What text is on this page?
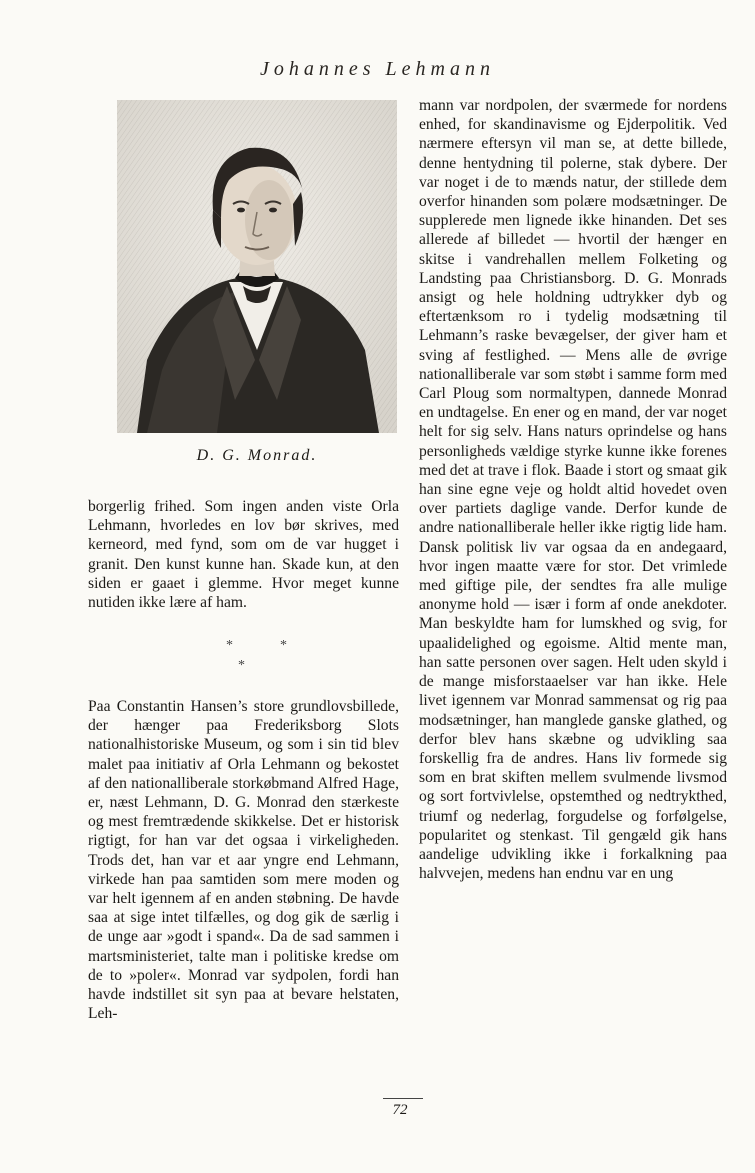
Johannes Lehmann
D. G. Monrad.

borgerlig frihed. Som ingen anden viste Orla Lehmann, hvorledes en lov bør skrives, med kerneord, med fynd, som om de var hugget i granit. Den kunst kunne han. Skade kun, at den siden er gaaet i glemme. Hvor meget kunne nutiden ikke lære af ham.

*	*
*

Paa Constantin Hansen’s store grundlovsbillede, der hænger paa Frederiksborg Slots nationalhistoriske Museum, og som i sin tid blev malet paa initiativ af Orla Lehmann og bekostet af den nationalliberale storkøbmand Alfred Hage, er, næst Lehmann, D. G. Monrad den stærkeste og mest fremtrædende skikkelse. Det er historisk rigtigt, for han var det ogsaa i virkeligheden. Trods det, han var et aar yngre end Lehmann, virkede han paa samtiden som mere moden og var helt igennem af en anden støbning. De havde saa at sige intet tilfælles, og dog gik de særlig i de unge aar »godt i spand«. Da de sad sammen i martsministeriet, talte man i politiske kredse om de to »poler«. Monrad var sydpolen, fordi han havde indstillet sit syn paa at bevare helstaten, Leh-

mann var nordpolen, der sværmede for nordens enhed, for skandinavisme og Ejderpolitik. Ved nærmere eftersyn vil man se, at dette billede, denne hentydning til polerne, stak dybere. Der var noget i de to mænds natur, der stillede dem overfor hinanden som polære modsætninger. De supplerede men lignede ikke hinanden. Det ses allerede af billedet — hvortil der hænger en skitse i vandrehallen mellem Folketing og Landsting paa Christiansborg. D. G. Monrads ansigt og hele holdning udtrykker dyb og eftertænksom ro i tydelig modsætning til Lehmann’s raske bevægelser, der giver ham et sving af festlighed. — Mens alle de øvrige nationalliberale var som støbt i samme form med Carl Ploug som normaltypen, dannede Monrad en undtagelse. En ener og en mand, der var noget helt for sig selv. Hans naturs oprindelse og hans personligheds vældige styrke kunne ikke forenes med det at trave i flok. Baade i stort og smaat gik han sine egne veje og holdt altid hovedet oven over partiets daglige vande. Derfor kunde de andre nationalliberale heller ikke rigtig lide ham. Dansk politisk liv var ogsaa da en andegaard, hvor ingen maatte være for stor. Det vrimlede med giftige pile, der sendtes fra alle mulige anonyme hold — især i form af onde anekdoter. Man beskyldte ham for lumskhed og svig, for upaalidelighed og egoisme. Altid mente man, han satte personen over sagen. Helt uden skyld i de mange misforstaaelser var han ikke. Hele livet igennem var Monrad sammensat og rig paa modsætninger, han manglede ganske glathed, og derfor blev hans skæbne og udvikling saa forskellig fra de andres. Hans liv formede sig som en brat skiften mellem svulmende livsmod og sort fortvivlelse, opstemthed og nedtrykthed, triumf og nederlag, forgudelse og forfølgelse, popularitet og stenkast. Til gengæld gik hans aandelige udvikling ikke i forkalkning paa halvvejen, medens han endnu var en ung

72
